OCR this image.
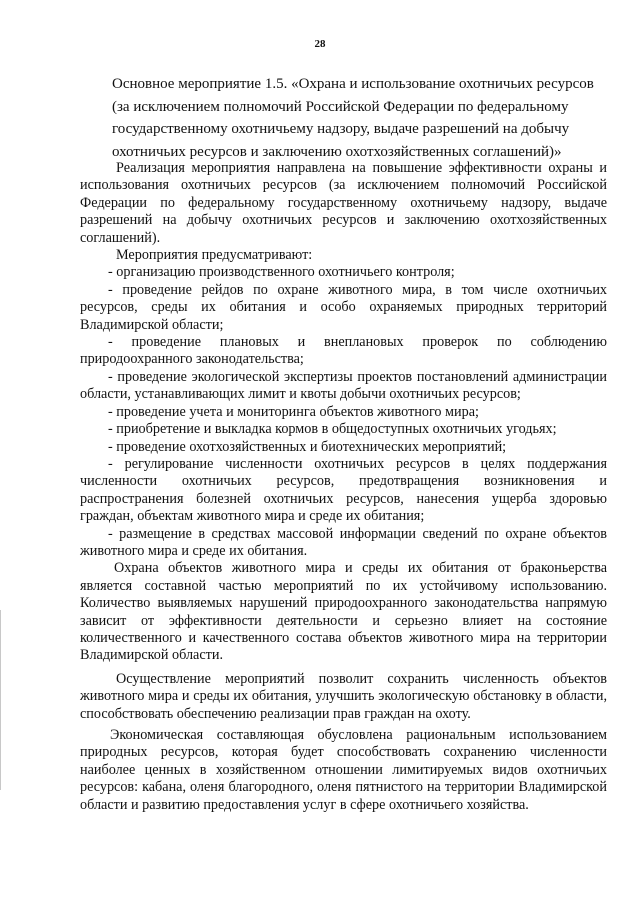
28

Основное мероприятие 1.5. «Охрана и использование охотничьих ресурсов

(за исключением полномочий Российской Федерации по федеральному

государственному охотничьему надзору, выдаче разрешений на добычу

охотничьих ресурсов и заключению охотхозяйственных соглашений)»

Реализация мероприятия направлена на повышение эффективности охраны и использования охотничьих ресурсов (за исключением полномочий Российской Федерации по федеральному государственному охотничьему надзору, выдаче разрешений на добычу охотничьих ресурсов и заключению охотхозяйственных соглашений).

Мероприятия предусматривают:

- организацию производственного охотничьего контроля;

- проведение рейдов по охране животного мира, в том числе охотничьих ресурсов, среды их обитания и особо охраняемых природных территорий Владимирской области;

- проведение плановых и внеплановых проверок по соблюдению природоохранного законодательства;

- проведение экологической экспертизы проектов постановлений администрации области, устанавливающих лимит и квоты добычи охотничьих ресурсов;

- проведение учета и мониторинга объектов животного мира;

- приобретение и выкладка кормов в общедоступных охотничьих угодьях;

- проведение охотхозяйственных и биотехнических мероприятий;

- регулирование численности охотничьих ресурсов в целях поддержания численности охотничьих ресурсов, предотвращения возникновения и распространения болезней охотничьих ресурсов, нанесения ущерба здоровью граждан, объектам животного мира и среде их обитания;

- размещение в средствах массовой информации сведений по охране объектов животного мира и среде их обитания.

Охрана объектов животного мира и среды их обитания от браконьерства является составной частью мероприятий по их устойчивому использованию. Количество выявляемых нарушений природоохранного законодательства напрямую зависит от эффективности деятельности и серьезно влияет на состояние количественного и качественного состава объектов животного мира на территории Владимирской области.

Осуществление мероприятий позволит сохранить численность объектов животного мира и среды их обитания, улучшить экологическую обстановку в области, способствовать обеспечению реализации прав граждан на охоту.

Экономическая составляющая обусловлена рациональным использованием природных ресурсов, которая будет способствовать сохранению численности наиболее ценных в хозяйственном отношении лимитируемых видов охотничьих ресурсов: кабана, оленя благородного, оленя пятнистого на территории Владимирской области и развитию предоставления услуг в сфере охотничьего хозяйства.
